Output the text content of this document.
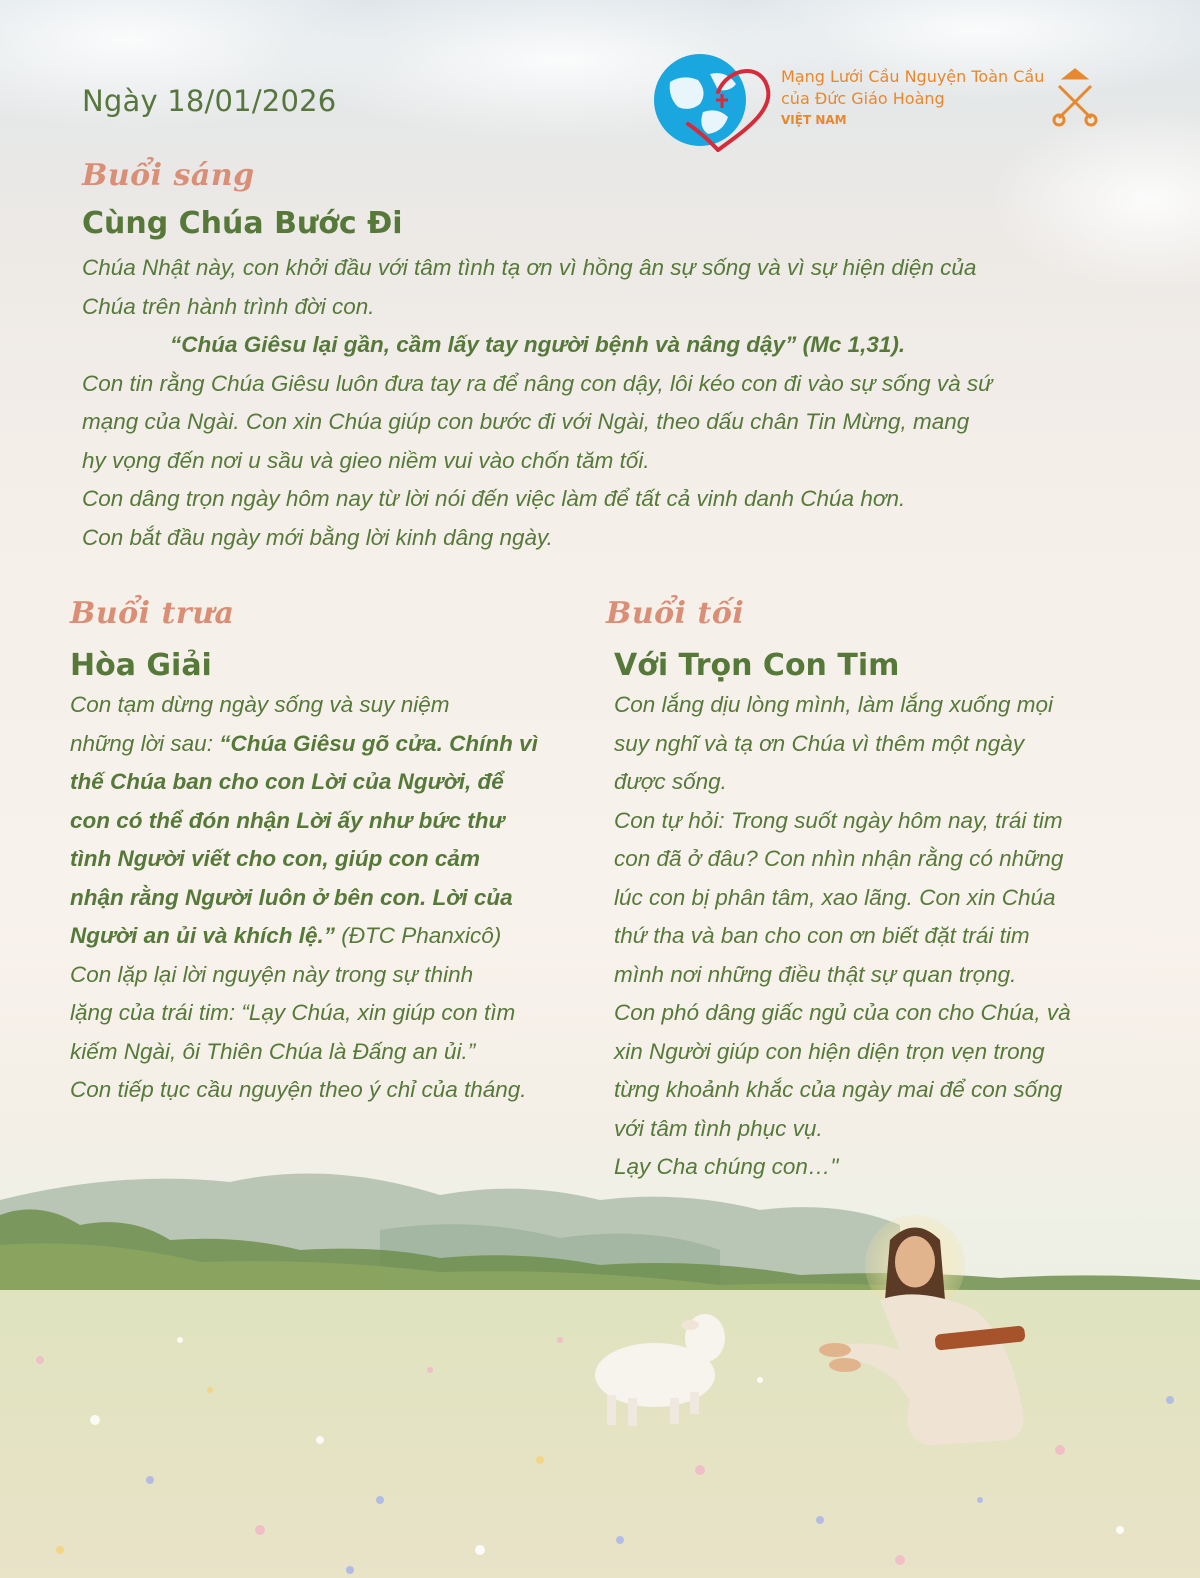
Ngày 18/01/2026
Mạng Lưới Cầu Nguyện Toàn Cầu
của Đức Giáo Hoàng
VIỆT NAM
Buổi sáng
Cùng Chúa Bước Đi

Chúa Nhật này, con khởi đầu với tâm tình tạ ơn vì hồng ân sự sống và vì sự hiện diện của

Chúa trên hành trình đời con.

“Chúa Giêsu lại gần, cầm lấy tay người bệnh và nâng dậy” (Mc 1,31).

Con tin rằng Chúa Giêsu luôn đưa tay ra để nâng con dậy, lôi kéo con đi vào sự sống và sứ

mạng của Ngài. Con xin Chúa giúp con bước đi với Ngài, theo dấu chân Tin Mừng, mang

hy vọng đến nơi u sầu và gieo niềm vui vào chốn tăm tối.

Con dâng trọn ngày hôm nay từ lời nói đến việc làm để tất cả vinh danh Chúa hơn.

Con bắt đầu ngày mới bằng lời kinh dâng ngày.

Buổi trưa
Hòa Giải

Con tạm dừng ngày sống và suy niệm

những lời sau: “Chúa Giêsu gõ cửa. Chính vì

thế Chúa ban cho con Lời của Người, để

con có thể đón nhận Lời ấy như bức thư

tình Người viết cho con, giúp con cảm

nhận rằng Người luôn ở bên con. Lời của

Người an ủi và khích lệ.” (ĐTC Phanxicô)

Con lặp lại lời nguyện này trong sự thinh

lặng của trái tim: “Lạy Chúa, xin giúp con tìm

kiếm Ngài, ôi Thiên Chúa là Đấng an ủi.”

Con tiếp tục cầu nguyện theo ý chỉ của tháng.

Buổi tối
Với Trọn Con Tim

Con lắng dịu lòng mình, làm lắng xuống mọi

suy nghĩ và tạ ơn Chúa vì thêm một ngày

được sống.

Con tự hỏi: Trong suốt ngày hôm nay, trái tim

con đã ở đâu? Con nhìn nhận rằng có những

lúc con bị phân tâm, xao lãng. Con xin Chúa

thứ tha và ban cho con ơn biết đặt trái tim

mình nơi những điều thật sự quan trọng.

Con phó dâng giấc ngủ của con cho Chúa, và

xin Người giúp con hiện diện trọn vẹn trong

từng khoảnh khắc của ngày mai để con sống

với tâm tình phục vụ.

Lạy Cha chúng con…"
